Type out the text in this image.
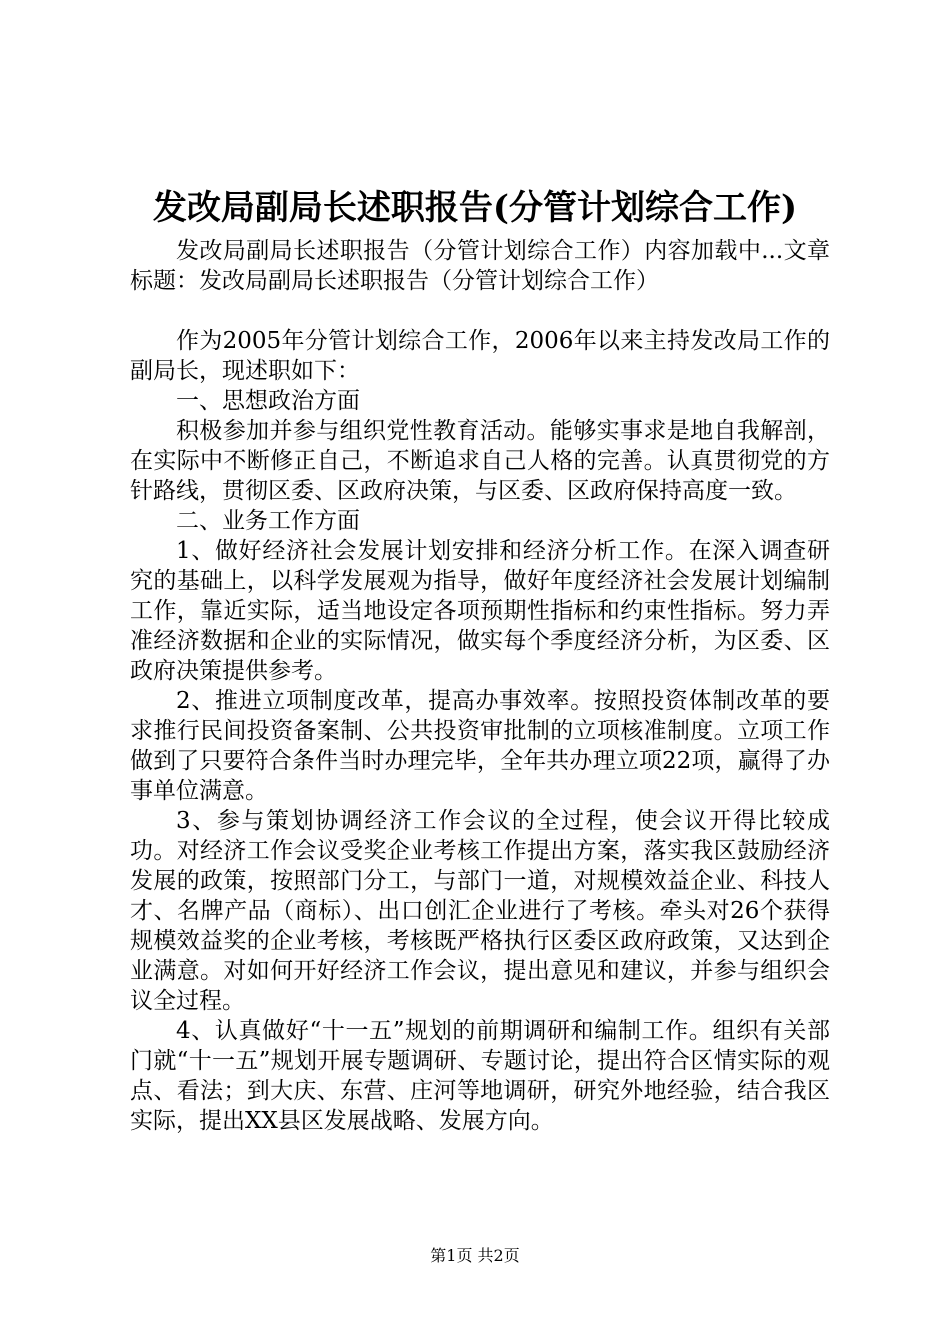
发改局副局长述职报告(分管计划综合工作)

发改局副局长述职报告（分管计划综合工作）内容加载中...文章标题：发改局副局长述职报告（分管计划综合工作）

作为2005年分管计划综合工作，2006年以来主持发改局工作的副局长，现述职如下：

一、思想政治方面

积极参加并参与组织党性教育活动。能够实事求是地自我解剖，在实际中不断修正自己，不断追求自己人格的完善。认真贯彻党的方针路线，贯彻区委、区政府决策，与区委、区政府保持高度一致。

二、业务工作方面

1、做好经济社会发展计划安排和经济分析工作。在深入调查研究的基础上，以科学发展观为指导，做好年度经济社会发展计划编制工作，靠近实际，适当地设定各项预期性指标和约束性指标。努力弄准经济数据和企业的实际情况，做实每个季度经济分析，为区委、区政府决策提供参考。

2、推进立项制度改革，提高办事效率。按照投资体制改革的要求推行民间投资备案制、公共投资审批制的立项核准制度。立项工作做到了只要符合条件当时办理完毕，全年共办理立项22项，赢得了办事单位满意。

3、参与策划协调经济工作会议的全过程，使会议开得比较成功。对经济工作会议受奖企业考核工作提出方案，落实我区鼓励经济发展的政策，按照部门分工，与部门一道，对规模效益企业、科技人才、名牌产品（商标）、出口创汇企业进行了考核。牵头对26个获得规模效益奖的企业考核，考核既严格执行区委区政府政策，又达到企业满意。对如何开好经济工作会议，提出意见和建议，并参与组织会议全过程。

4、认真做好“十一五”规划的前期调研和编制工作。组织有关部门就“十一五”规划开展专题调研、专题讨论，提出符合区情实际的观点、看法；到大庆、东营、庄河等地调研，研究外地经验，结合我区实际，提出XX县区发展战略、发展方向。

第1页 共2页
